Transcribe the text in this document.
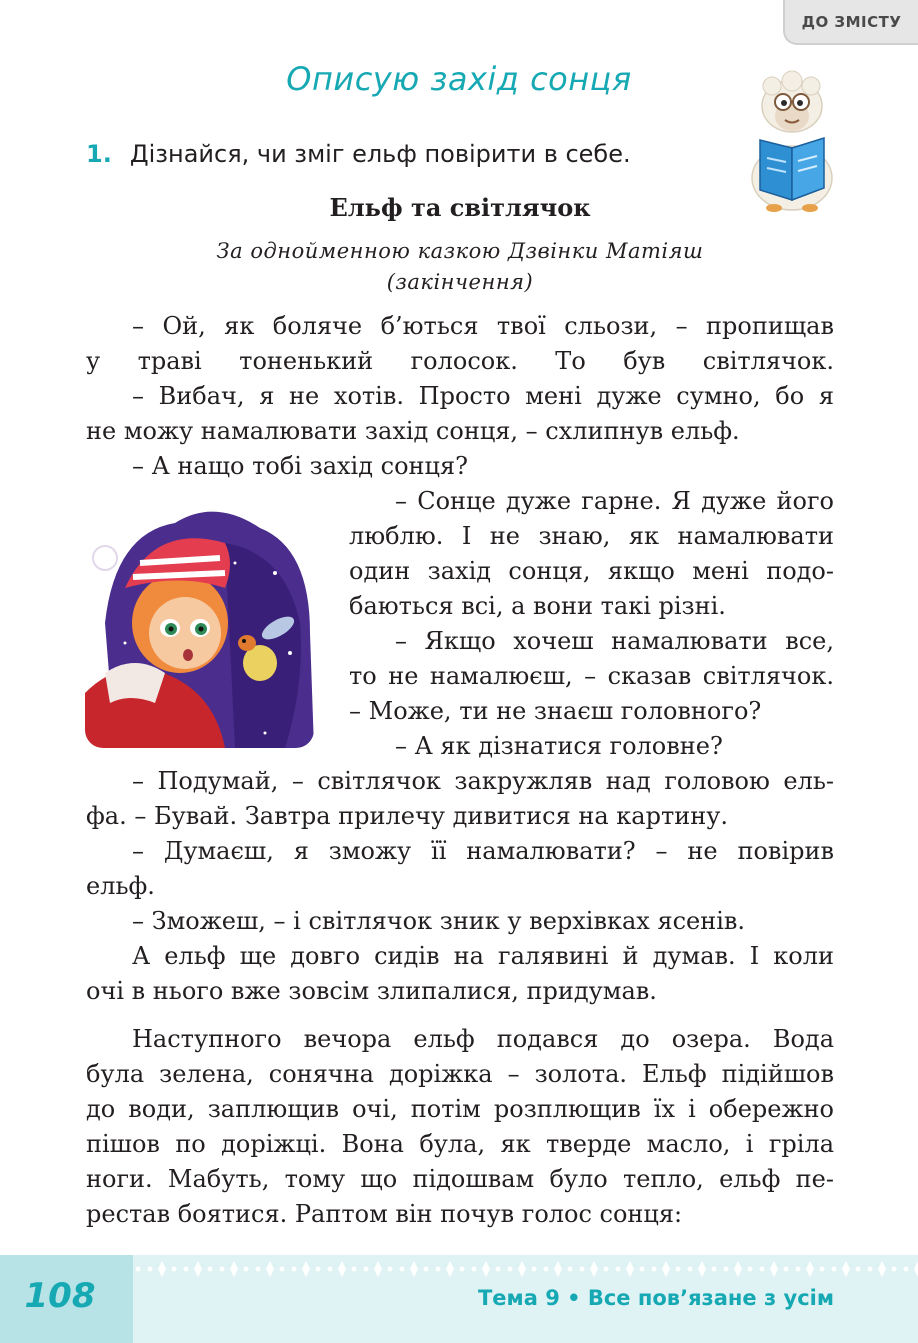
ДО ЗМІСТУ
Описую захід сонця
1. Дізнайся, чи зміг ельф повірити в себе.
Ельф та світлячок
За однойменною казкою Дзвінки Матіяш
(закінчення)
– Ой, як боляче б’ються твої сльози, – пропищав
у траві тоненький голосок. То був світлячок.
– Вибач, я не хотів. Просто мені дуже сумно, бо я
не можу намалювати захід сонця, – схлипнув ельф.
– А нащо тобі захід сонця?
– Сонце дуже гарне. Я дуже його
люблю. І не знаю, як намалювати
один захід сонця, якщо мені подо-
баються всі, а вони такі різні.
– Якщо хочеш намалювати все,
то не намалюєш, – сказав світлячок.
– Може, ти не знаєш головного?
– А як дізнатися головне?
– Подумай, – світлячок закружляв над головою ель-
фа. – Бувай. Завтра прилечу дивитися на картину.
– Думаєш, я зможу її намалювати? – не повірив
ельф.
– Зможеш, – і світлячок зник у верхівках ясенів.
А ельф ще довго сидів на галявині й думав. І коли
очі в нього вже зовсім злипалися, придумав.
Наступного вечора ельф подався до озера. Вода
була зелена, сонячна доріжка – золота. Ельф підійшов
до води, заплющив очі, потім розплющив їх і обережно
пішов по доріжці. Вона була, як тверде масло, і гріла
ноги. Мабуть, тому що підошвам було тепло, ельф пе-
рестав боятися. Раптом він почув голос сонця:
108	Тема 9 • Все пов’язане з усім
